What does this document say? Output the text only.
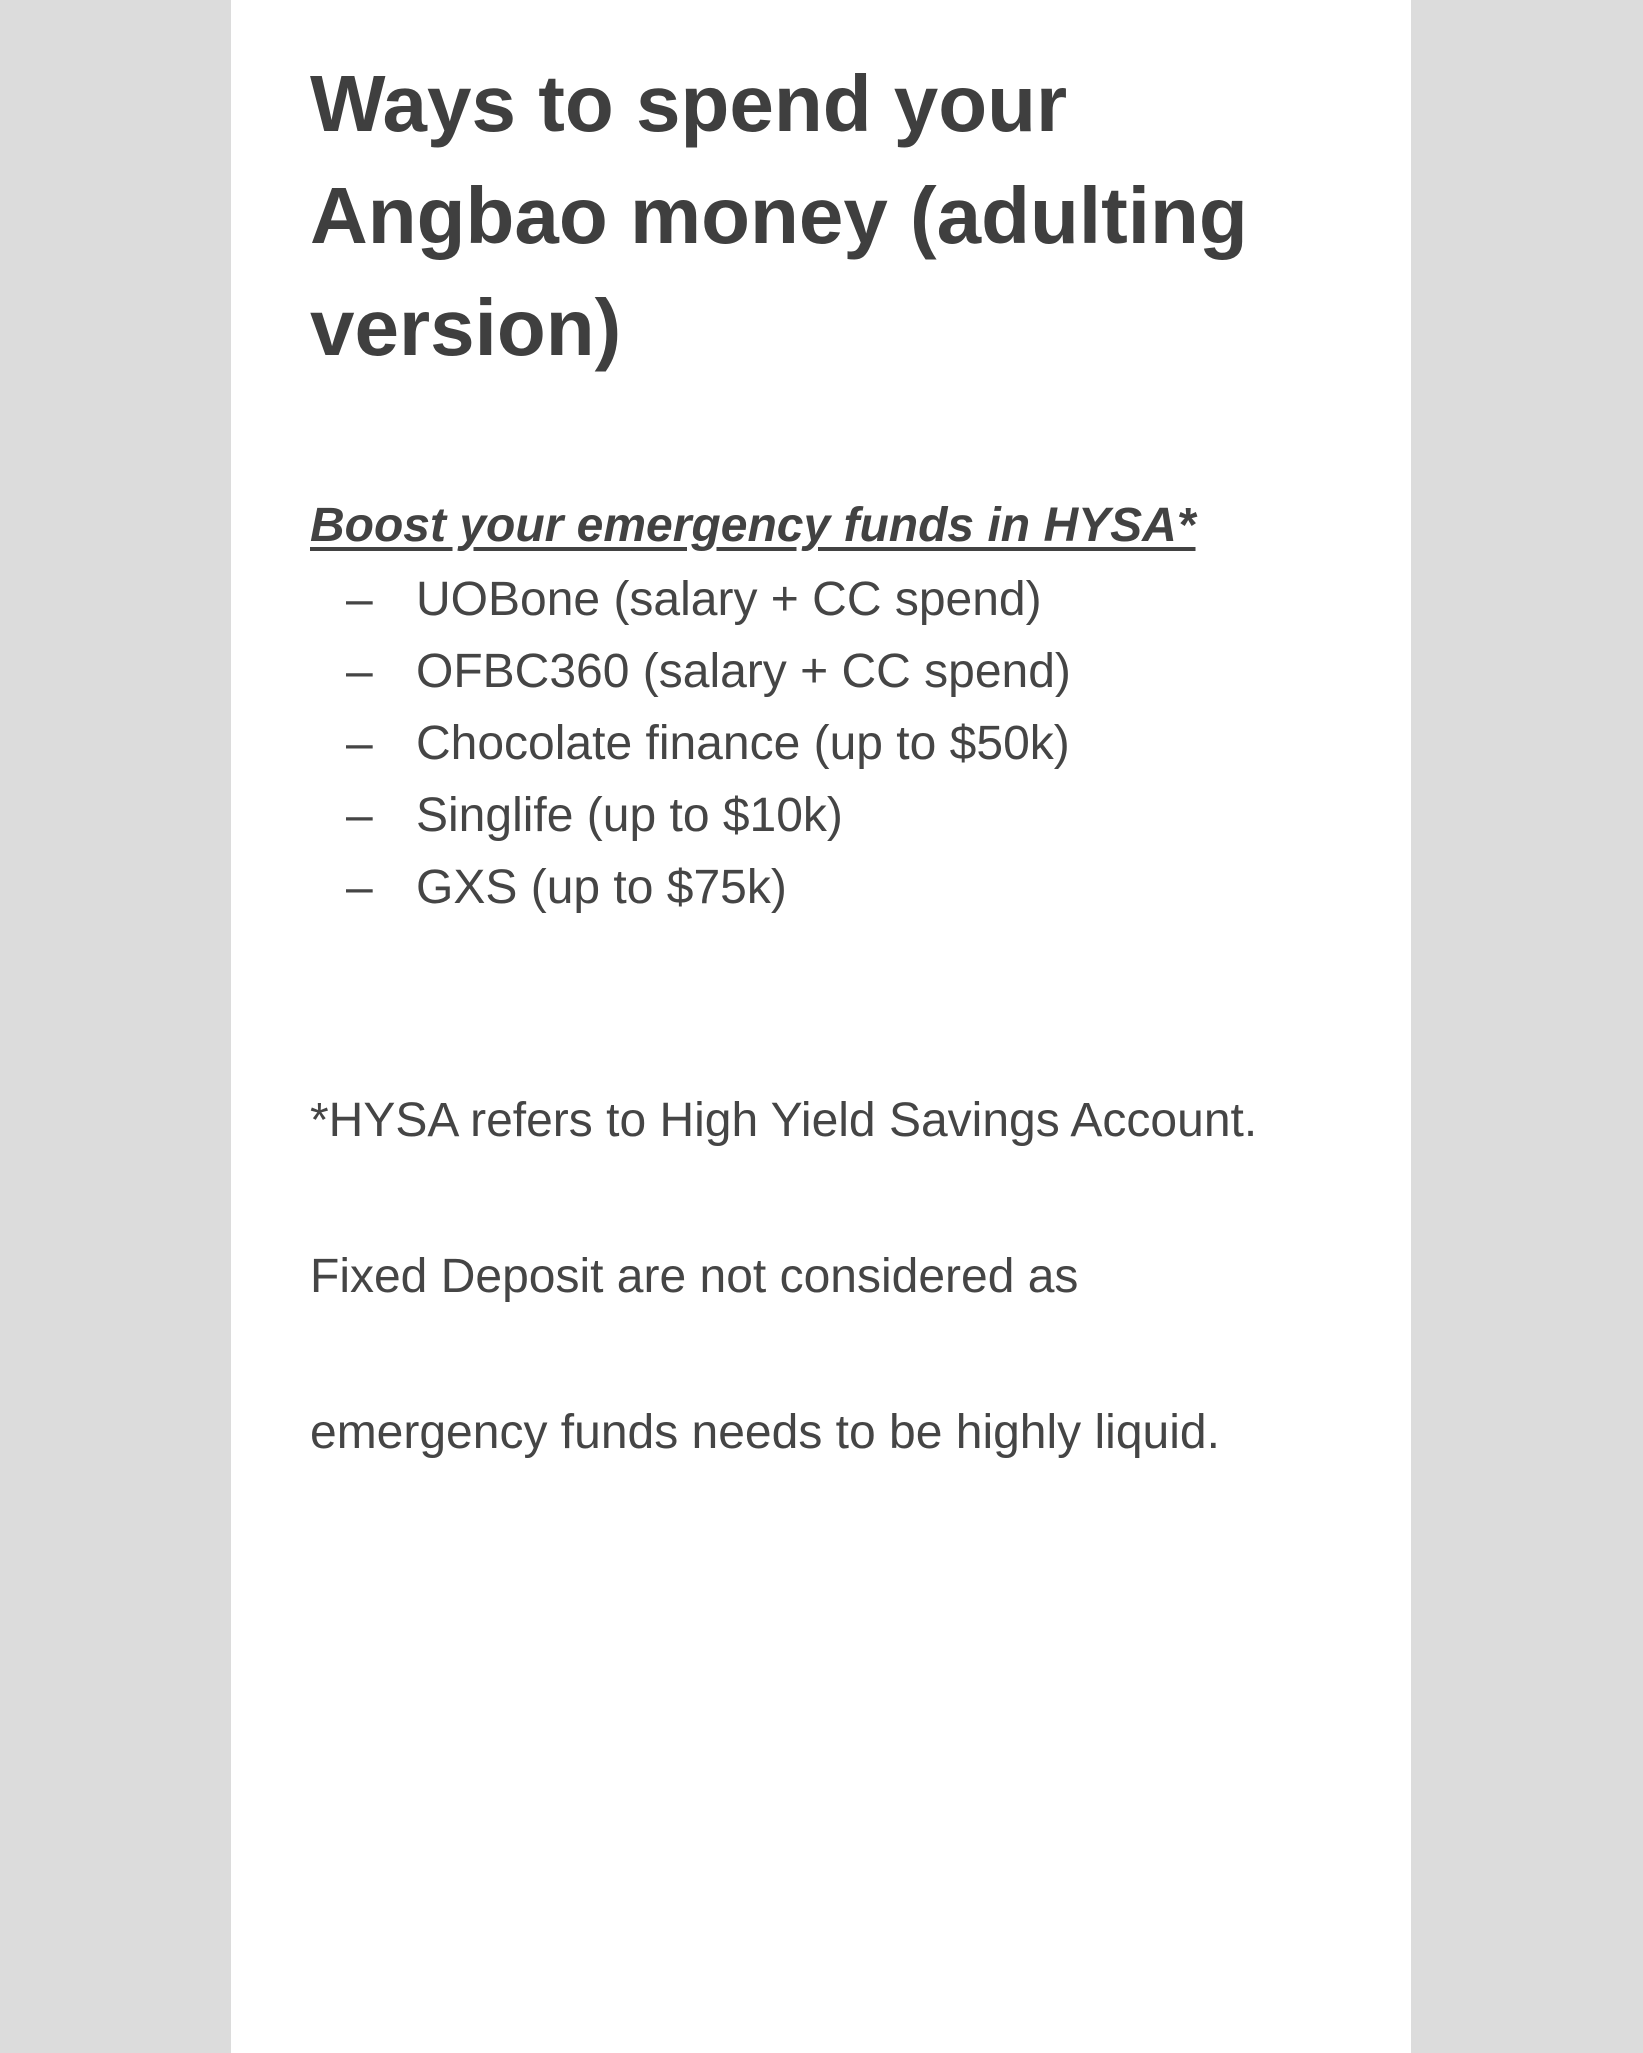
Ways to spend your Angbao money (adulting version)
Boost your emergency funds in HYSA*
– UOBone (salary + CC spend)
– OFBC360 (salary + CC spend)
– Chocolate finance (up to $50k)
– Singlife (up to $10k)
– GXS (up to $75k)

*HYSA refers to High Yield Savings Account.

Fixed Deposit are not considered as

emergency funds needs to be highly liquid.
